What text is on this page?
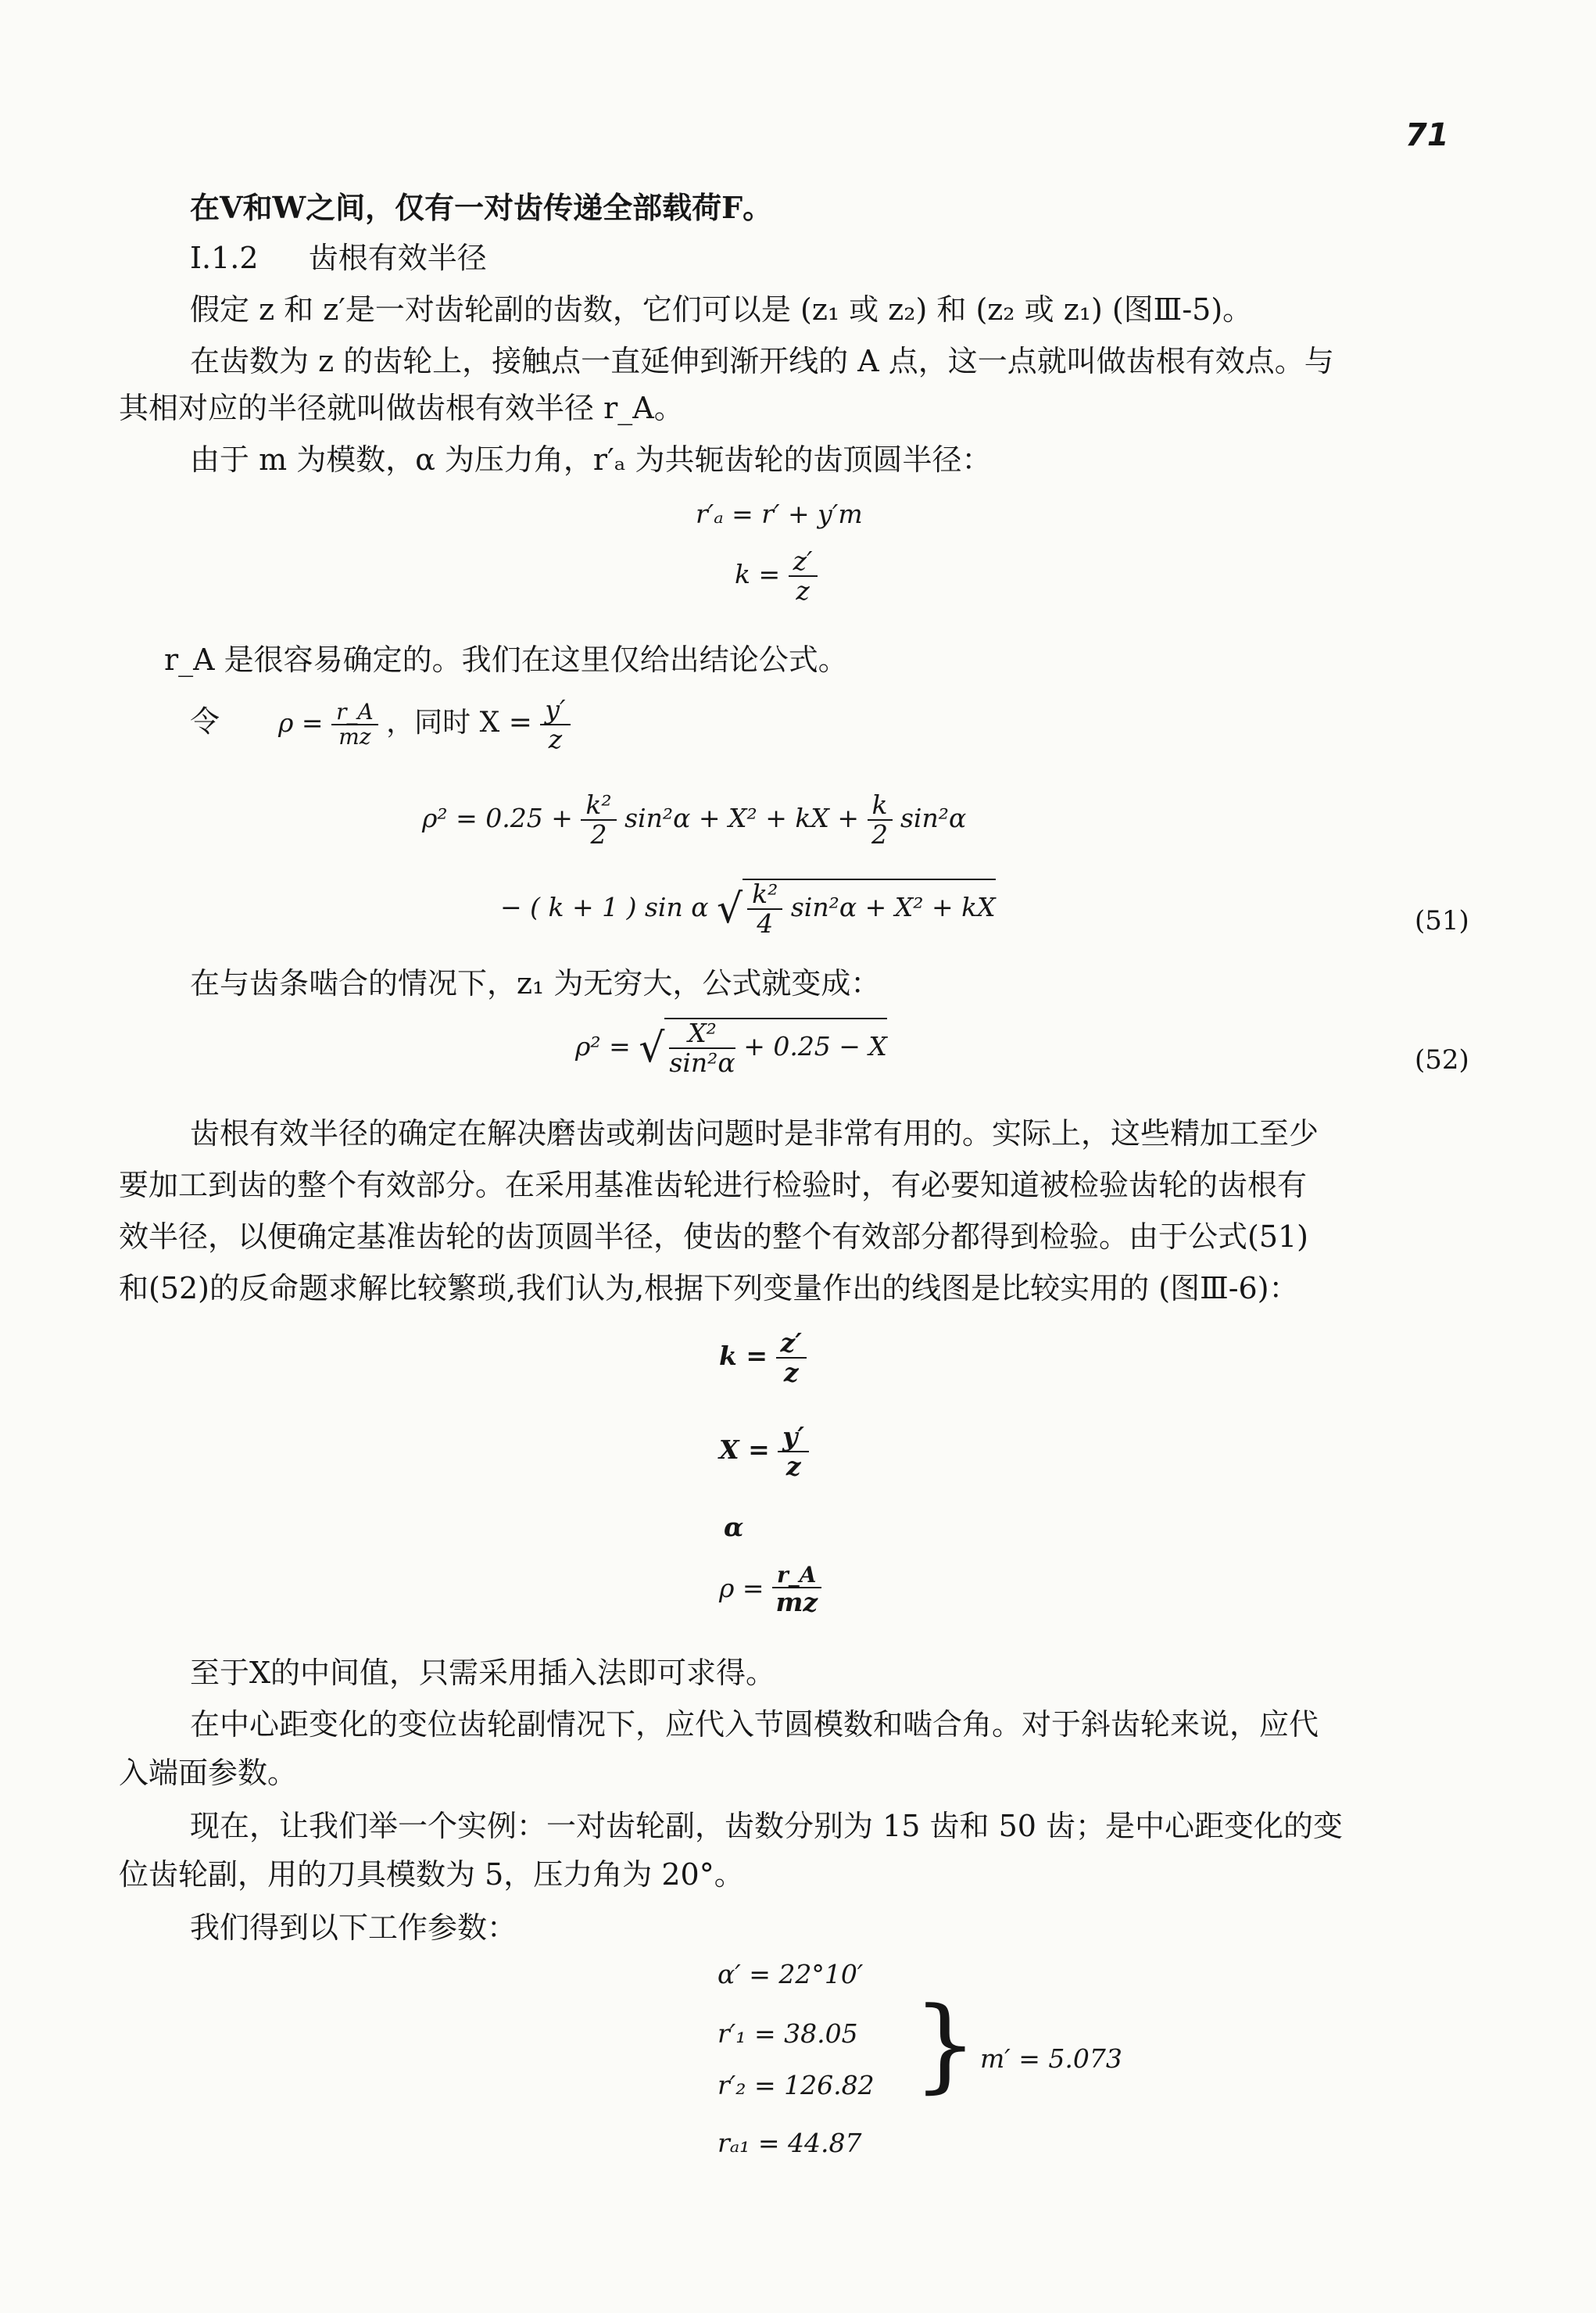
71
在V和W之间，仅有一对齿传递全部载荷F。
Ⅰ.1.2 齿根有效半径
假定 z 和 z′是一对齿轮副的齿数，它们可以是 (z₁ 或 z₂) 和 (z₂ 或 z₁) (图Ⅲ-5)。
在齿数为 z 的齿轮上，接触点一直延伸到渐开线的 A 点，这一点就叫做齿根有效点。与
其相对应的半径就叫做齿根有效半径 r_A。
由于 m 为模数，α 为压力角，r′ₐ 为共轭齿轮的齿顶圆半径：
r′ₐ = r′ + y′m
$k = \frac{z'}{z}$
r_A 是很容易确定的。我们在这里仅给出结论公式。
令 $\rho = \frac{r\_A}{mz}$ ，同时 $X = \frac{y'}{z}$
$\rho^2 = 0.25 + \frac{\text{k²}}{2} \sin^2\alpha + X^2$ + kX + $\frac{k}{2} \sin^2\alpha$
− ( k + 1 ) sin α √ $\frac{\text{k²}}{4} \sin^2\alpha + X^2$ + kX	(51)
在与齿条啮合的情况下，z₁ 为无穷大，公式就变成：
ρ² = √ $\frac{\text{X²}}{\text{sin²α}} + 0.25 - X$	(52)
齿根有效半径的确定在解决磨齿或剃齿问题时是非常有用的。实际上，这些精加工至少
要加工到齿的整个有效部分。在采用基准齿轮进行检验时，有必要知道被检验齿轮的齿根有
效半径，以便确定基准齿轮的齿顶圆半径，使齿的整个有效部分都得到检验。由于公式(51)
和(52)的反命题求解比较繁琐,我们认为,根据下列变量作出的线图是比较实用的 (图Ⅲ-6)：
$k = \frac{z'}{z}$
$X = \frac{y'}{z}$
α
$\rho = \frac{r\_A}{mz}$
至于X的中间值，只需采用插入法即可求得。
在中心距变化的变位齿轮副情况下，应代入节圆模数和啮合角。对于斜齿轮来说，应代
入端面参数。
现在，让我们举一个实例：一对齿轮副，齿数分别为 15 齿和 50 齿；是中心距变化的变
位齿轮副，用的刀具模数为 5，压力角为 20°。
我们得到以下工作参数：
α′ = 22°10′
r′₁ = 38.05
r′₂ = 126.82 } m′ = 5.073
rₐ₁ = 44.87
